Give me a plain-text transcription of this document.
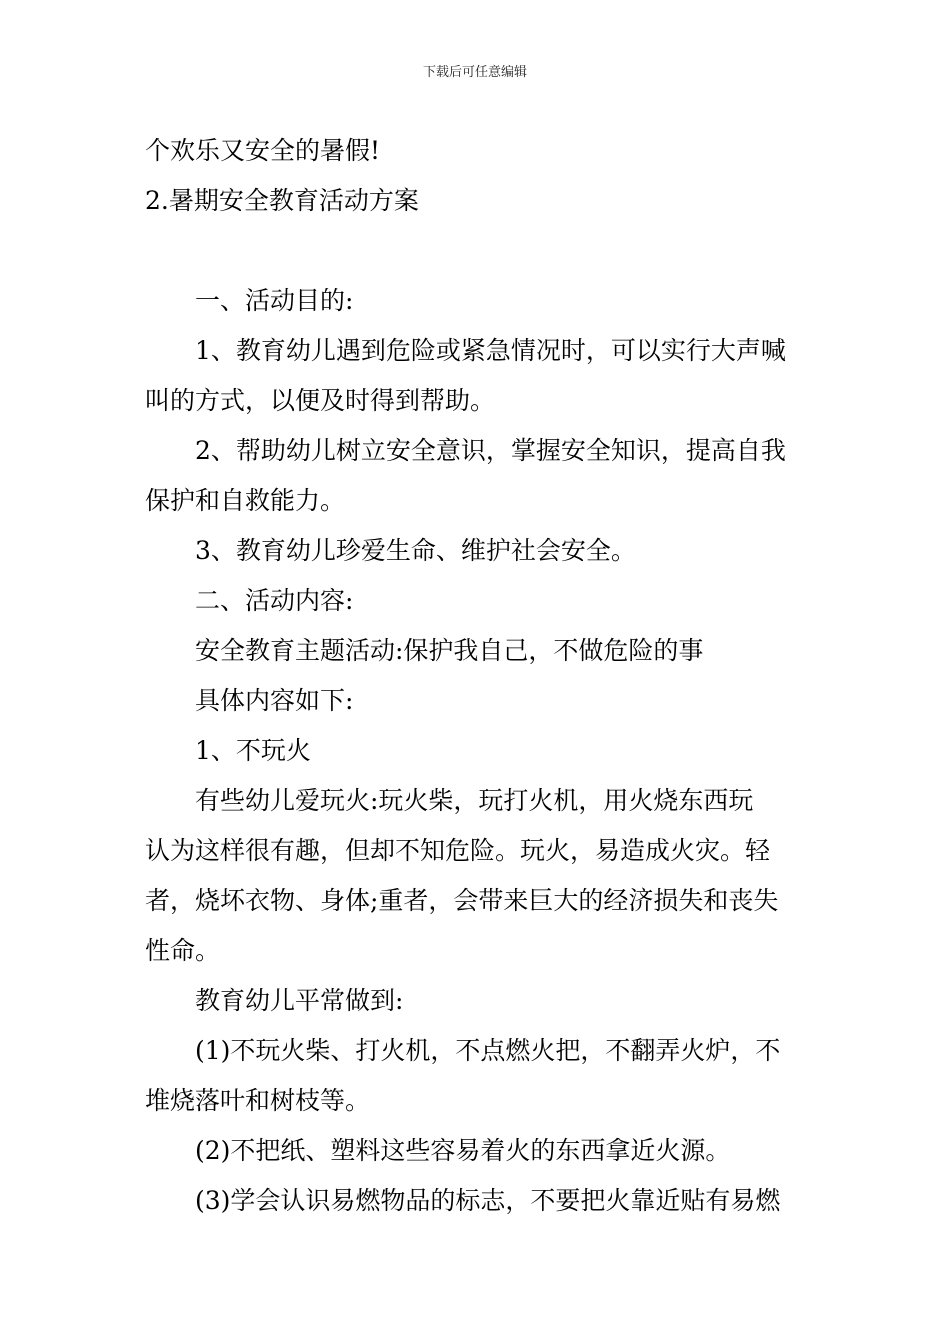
下载后可任意编辑
个欢乐又安全的暑假!
2.暑期安全教育活动方案
一、活动目的:
1、教育幼儿遇到危险或紧急情况时，可以实行大声喊
叫的方式，以便及时得到帮助。
2、帮助幼儿树立安全意识，掌握安全知识，提高自我
保护和自救能力。
3、教育幼儿珍爱生命、维护社会安全。
二、活动内容:
安全教育主题活动:保护我自己，不做危险的事
具体内容如下:
1、不玩火
有些幼儿爱玩火:玩火柴，玩打火机，用火烧东西玩
认为这样很有趣，但却不知危险。玩火，易造成火灾。轻
者，烧坏衣物、身体;重者，会带来巨大的经济损失和丧失
性命。
教育幼儿平常做到:
(1)不玩火柴、打火机，不点燃火把，不翻弄火炉，不
堆烧落叶和树枝等。
(2)不把纸、塑料这些容易着火的东西拿近火源。
(3)学会认识易燃物品的标志，不要把火靠近贴有易燃
